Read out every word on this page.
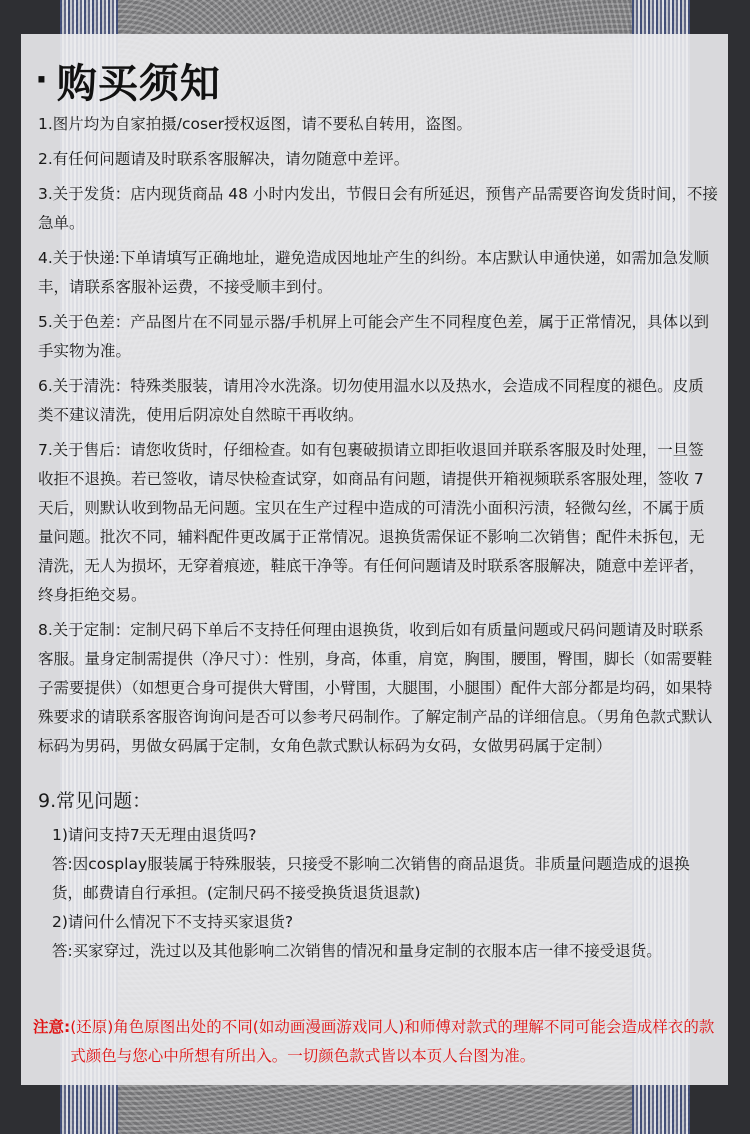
· 购买须知

1.图片均为自家拍摄/coser授权返图，请不要私自转用，盗图。

2.有任何问题请及时联系客服解决，请勿随意中差评。

3.关于发货：店内现货商品 48 小时内发出，节假日会有所延迟，预售产品需要咨询发货时间，不接急单。

4.关于快递:下单请填写正确地址，避免造成因地址产生的纠纷。本店默认申通快递，如需加急发顺丰，请联系客服补运费，不接受顺丰到付。

5.关于色差：产品图片在不同显示器/手机屏上可能会产生不同程度色差，属于正常情况，具体以到手实物为准。

6.关于清洗：特殊类服装，请用冷水洗涤。切勿使用温水以及热水，会造成不同程度的褪色。皮质类不建议清洗，使用后阴凉处自然晾干再收纳。

7.关于售后：请您收货时，仔细检查。如有包裹破损请立即拒收退回并联系客服及时处理，一旦签收拒不退换。若已签收，请尽快检查试穿，如商品有问题，请提供开箱视频联系客服处理，签收 7 天后，则默认收到物品无问题。宝贝在生产过程中造成的可清洗小面积污渍，轻微勾丝，不属于质量问题。批次不同，辅料配件更改属于正常情况。退换货需保证不影响二次销售；配件未拆包，无清洗，无人为损坏，无穿着痕迹，鞋底干净等。有任何问题请及时联系客服解决，随意中差评者，终身拒绝交易。

8.关于定制：定制尺码下单后不支持任何理由退换货，收到后如有质量问题或尺码问题请及时联系客服。量身定制需提供（净尺寸）：性别，身高，体重，肩宽，胸围，腰围，臀围，脚长（如需要鞋子需要提供）（如想更合身可提供大臂围，小臂围，大腿围，小腿围）配件大部分都是均码，如果特殊要求的请联系客服咨询询问是否可以参考尺码制作。了解定制产品的详细信息。（男角色款式默认标码为男码，男做女码属于定制，女角色款式默认标码为女码，女做男码属于定制）

9.常见问题：

1)请问支持7天无理由退货吗?

答:因cosplay服装属于特殊服装，只接受不影响二次销售的商品退货。非质量问题造成的退换货，邮费请自行承担。(定制尺码不接受换货退货退款)

2)请问什么情况下不支持买家退货?

答:买家穿过，洗过以及其他影响二次销售的情况和量身定制的衣服本店一律不接受退货。

注意: (还原)角色原图出处的不同(如动画漫画游戏同人)和师傅对款式的理解不同可能会造成样衣的款式颜色与您心中所想有所出入。一切颜色款式皆以本页人台图为准。
